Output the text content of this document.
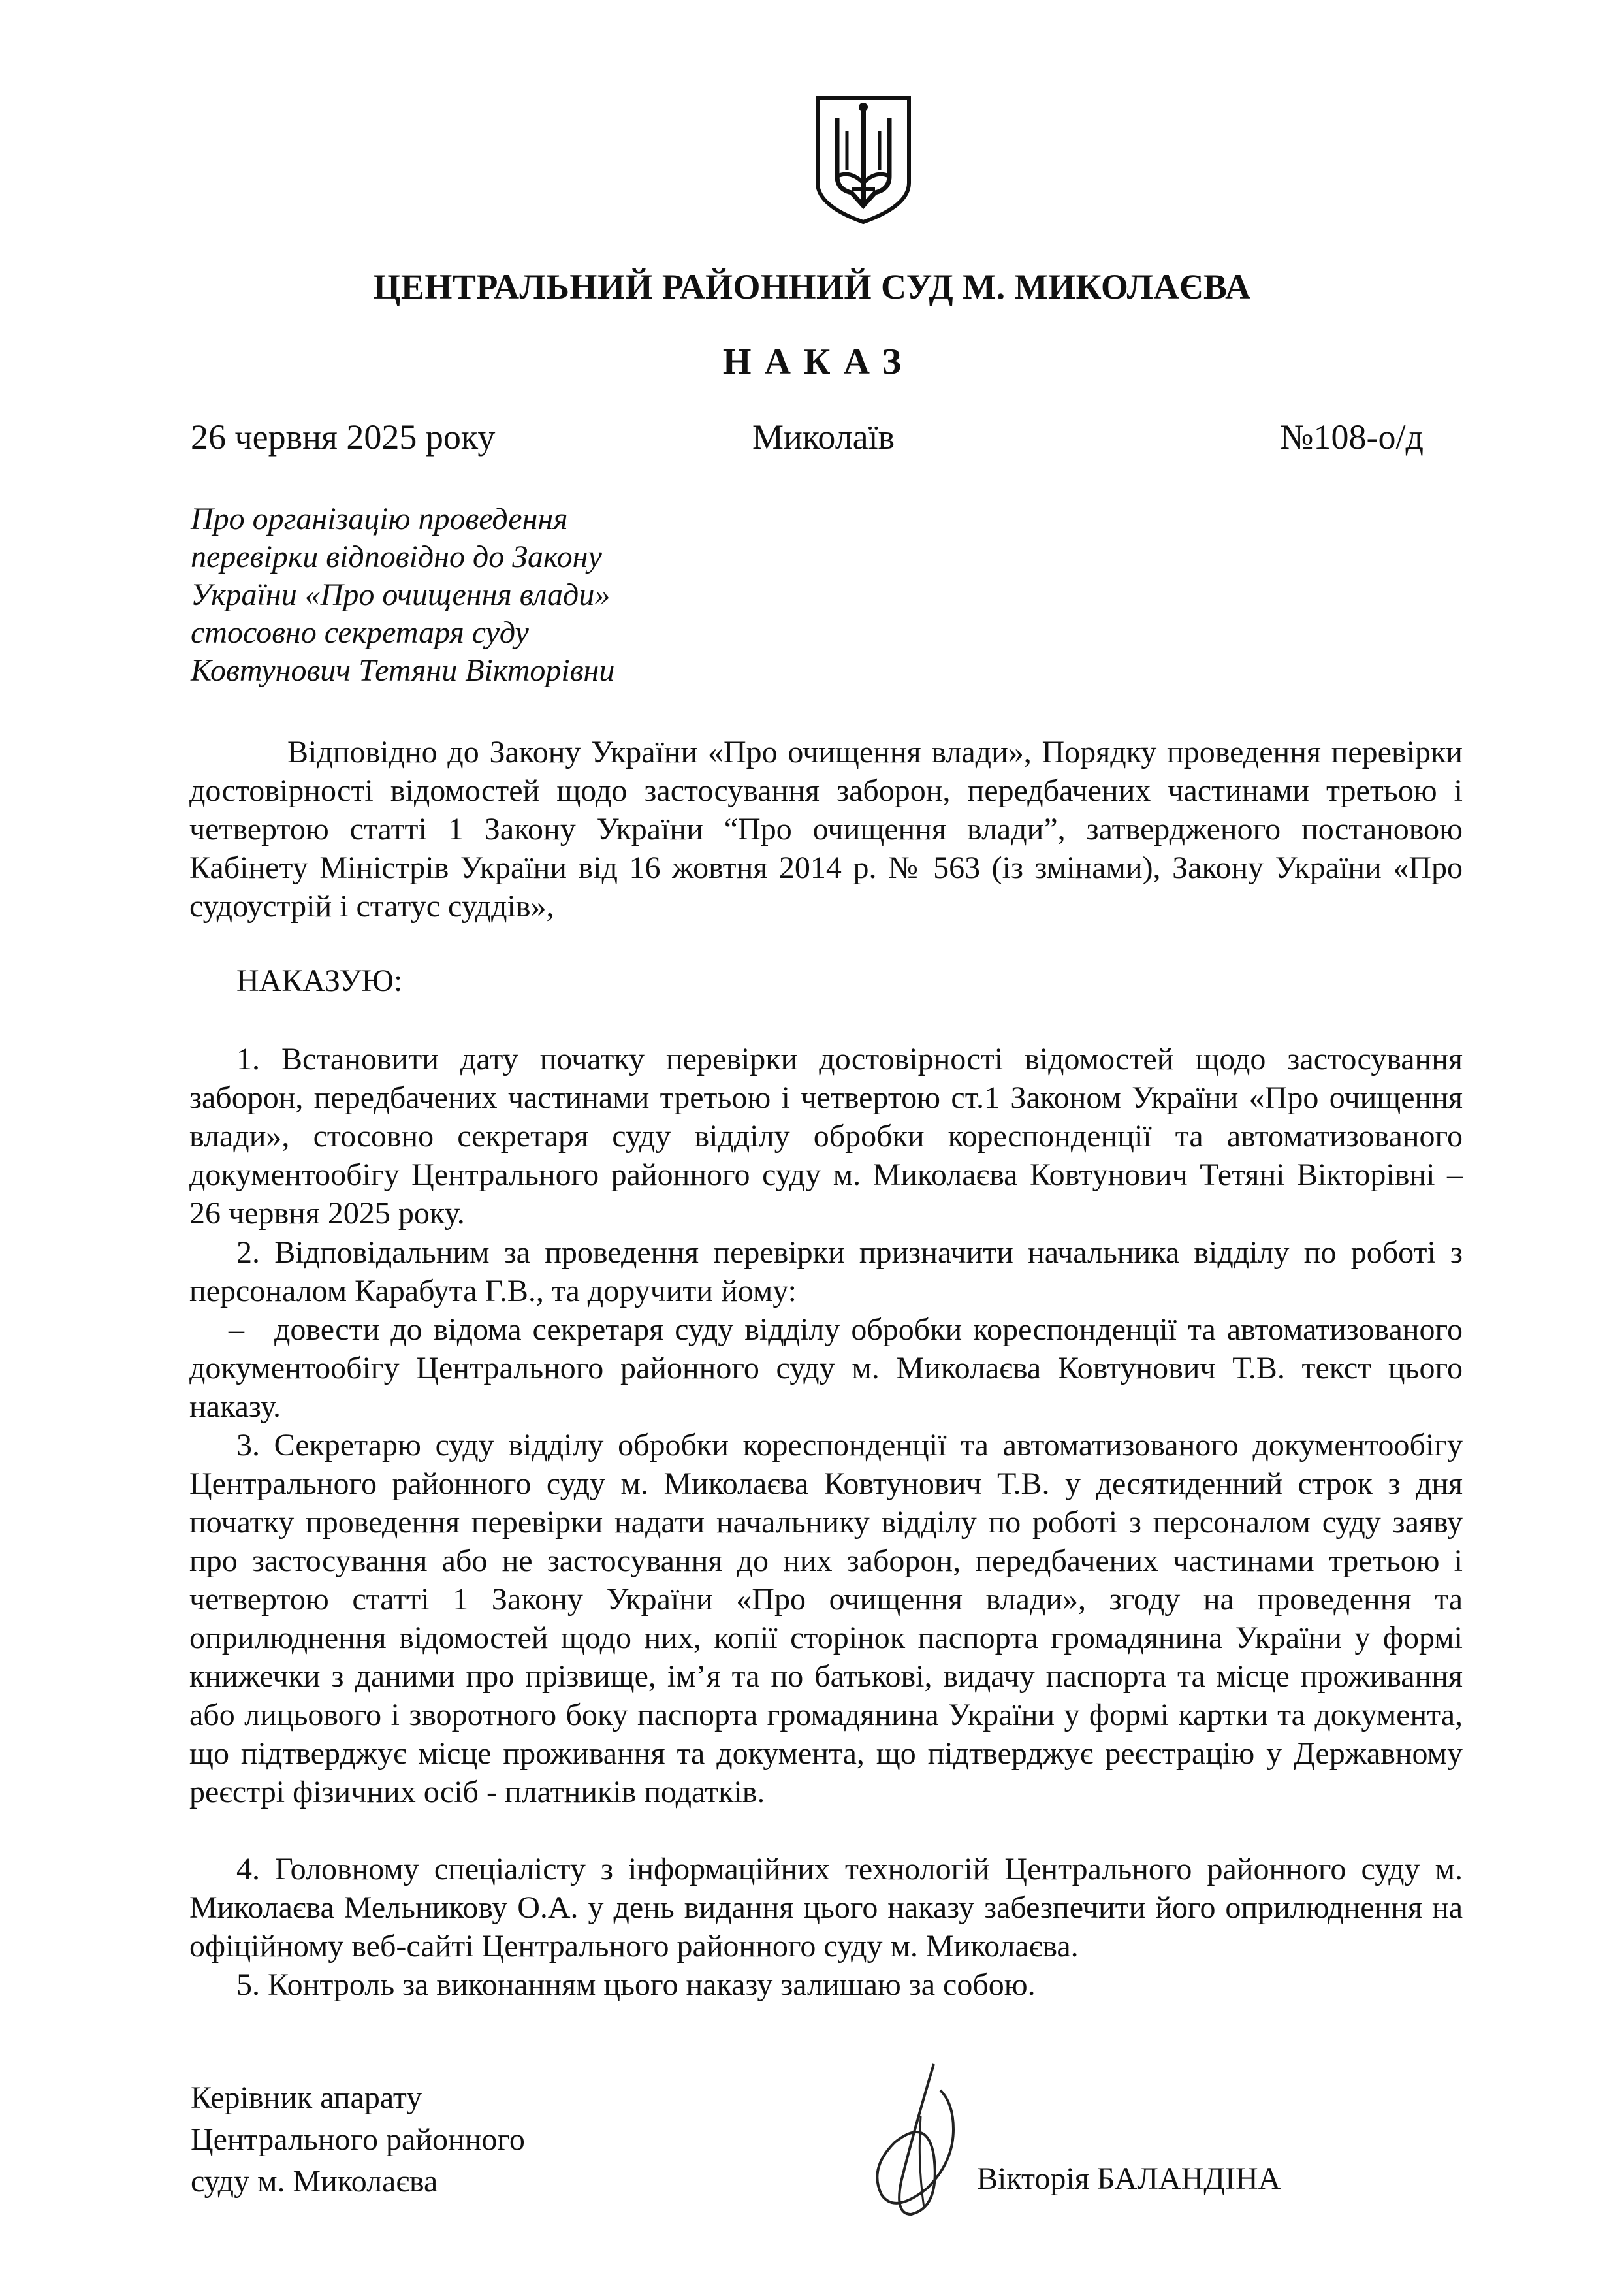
ЦЕНТРАЛЬНИЙ РАЙОННИЙ СУД М. МИКОЛАЄВА
НАКАЗ
26 червня 2025 року	Миколаїв	№108-о/д
Про організацію проведення
перевірки відповідно до Закону
України «Про очищення влади»
стосовно секретаря суду
Ковтунович Тетяни Вікторівни
Відповідно до Закону України «Про очищення влади», Порядку проведення перевірки достовірності відомостей щодо застосування заборон, передбачених частинами третьою і четвертою статті 1 Закону України “Про очищення влади”, затвердженого постановою Кабінету Міністрів України від 16 жовтня 2014 р. № 563 (із змінами), Закону України «Про судоустрій і статус суддів»,
НАКАЗУЮ:
1. Встановити дату початку перевірки достовірності відомостей щодо застосування заборон, передбачених частинами третьою і четвертою ст.1 Законом України «Про очищення влади», стосовно секретаря суду відділу обробки кореспонденції та автоматизованого документообігу Центрального районного суду м. Миколаєва Ковтунович Тетяні Вікторівні – 26 червня 2025 року.
2. Відповідальним за проведення перевірки призначити начальника відділу по роботі з персоналом Карабута Г.В., та доручити йому:
– довести до відома секретаря суду відділу обробки кореспонденції та автоматизованого документообігу Центрального районного суду м. Миколаєва Ковтунович Т.В. текст цього наказу.
3. Секретарю суду відділу обробки кореспонденції та автоматизованого документообігу Центрального районного суду м. Миколаєва Ковтунович Т.В. у десятиденний строк з дня початку проведення перевірки надати начальнику відділу по роботі з персоналом суду заяву про застосування або не застосування до них заборон, передбачених частинами третьою і четвертою статті 1 Закону України «Про очищення влади», згоду на проведення та оприлюднення відомостей щодо них, копії сторінок паспорта громадянина України у формі книжечки з даними про прізвище, ім’я та по батькові, видачу паспорта та місце проживання або лицьового і зворотного боку паспорта громадянина України у формі картки та документа, що підтверджує місце проживання та документа, що підтверджує реєстрацію у Державному реєстрі фізичних осіб - платників податків.
4. Головному спеціалісту з інформаційних технологій Центрального районного суду м. Миколаєва Мельникову О.А. у день видання цього наказу забезпечити його оприлюднення на офіційному веб-сайті Центрального районного суду м. Миколаєва.
5. Контроль за виконанням цього наказу залишаю за собою.
Керівник апарату
Центрального районного
суду м. Миколаєва	Вікторія БАЛАНДІНА
